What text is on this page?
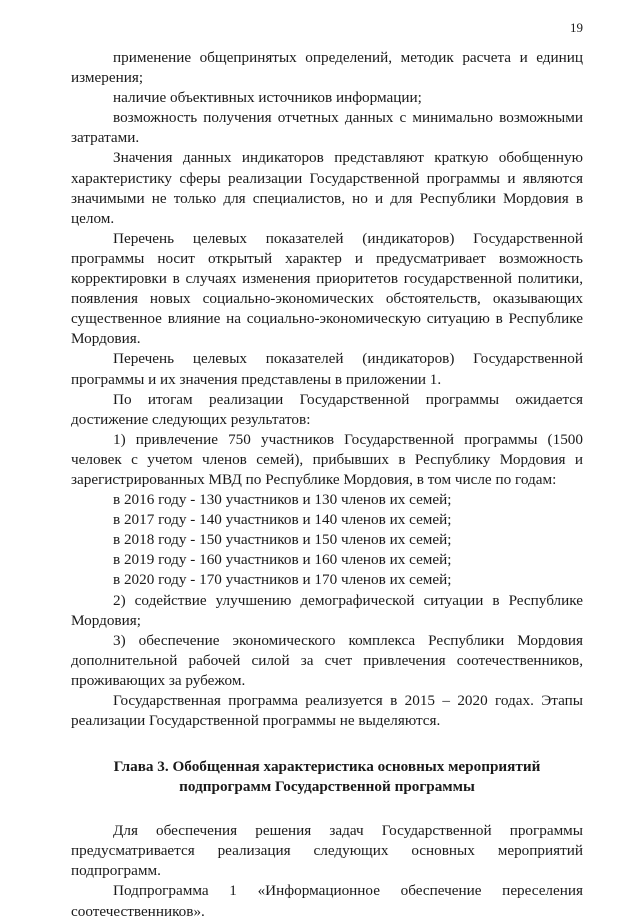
19

применение общепринятых определений, методик расчета и единиц измерения;

наличие объективных источников информации;

возможность получения отчетных данных с минимально возможными затратами.

Значения данных индикаторов представляют краткую обобщенную характеристику сферы реализации Государственной программы и являются значимыми не только для специалистов, но и для Республики Мордовия в целом.

Перечень целевых показателей (индикаторов) Государственной программы носит открытый характер и предусматривает возможность корректировки в случаях изменения приоритетов государственной политики, появления новых социально-экономических обстоятельств, оказывающих существенное влияние на социально-экономическую ситуацию в Республике Мордовия.

Перечень целевых показателей (индикаторов) Государственной программы и их значения представлены в приложении 1.

По итогам реализации Государственной программы ожидается достижение следующих результатов:

1) привлечение 750 участников Государственной программы (1500 человек с учетом членов семей), прибывших в Республику Мордовия и зарегистрированных МВД по Республике Мордовия, в том числе по годам:

в 2016 году - 130 участников и 130 членов их семей;

в 2017 году - 140 участников и 140 членов их семей;

в 2018 году - 150 участников и 150 членов их семей;

в 2019 году - 160 участников и 160 членов их семей;

в 2020 году - 170 участников и 170 членов их семей;

2) содействие улучшению демографической ситуации в Республике Мордовия;

3) обеспечение экономического комплекса Республики Мордовия дополнительной рабочей силой за счет привлечения соотечественников, проживающих за рубежом.

Государственная программа реализуется в 2015 – 2020 годах. Этапы реализации Государственной программы не выделяются.

Глава 3. Обобщенная характеристика основных мероприятий
подпрограмм Государственной программы

Для обеспечения решения задач Государственной программы предусматривается реализация следующих основных мероприятий подпрограмм.

Подпрограмма 1 «Информационное обеспечение переселения соотечественников».
